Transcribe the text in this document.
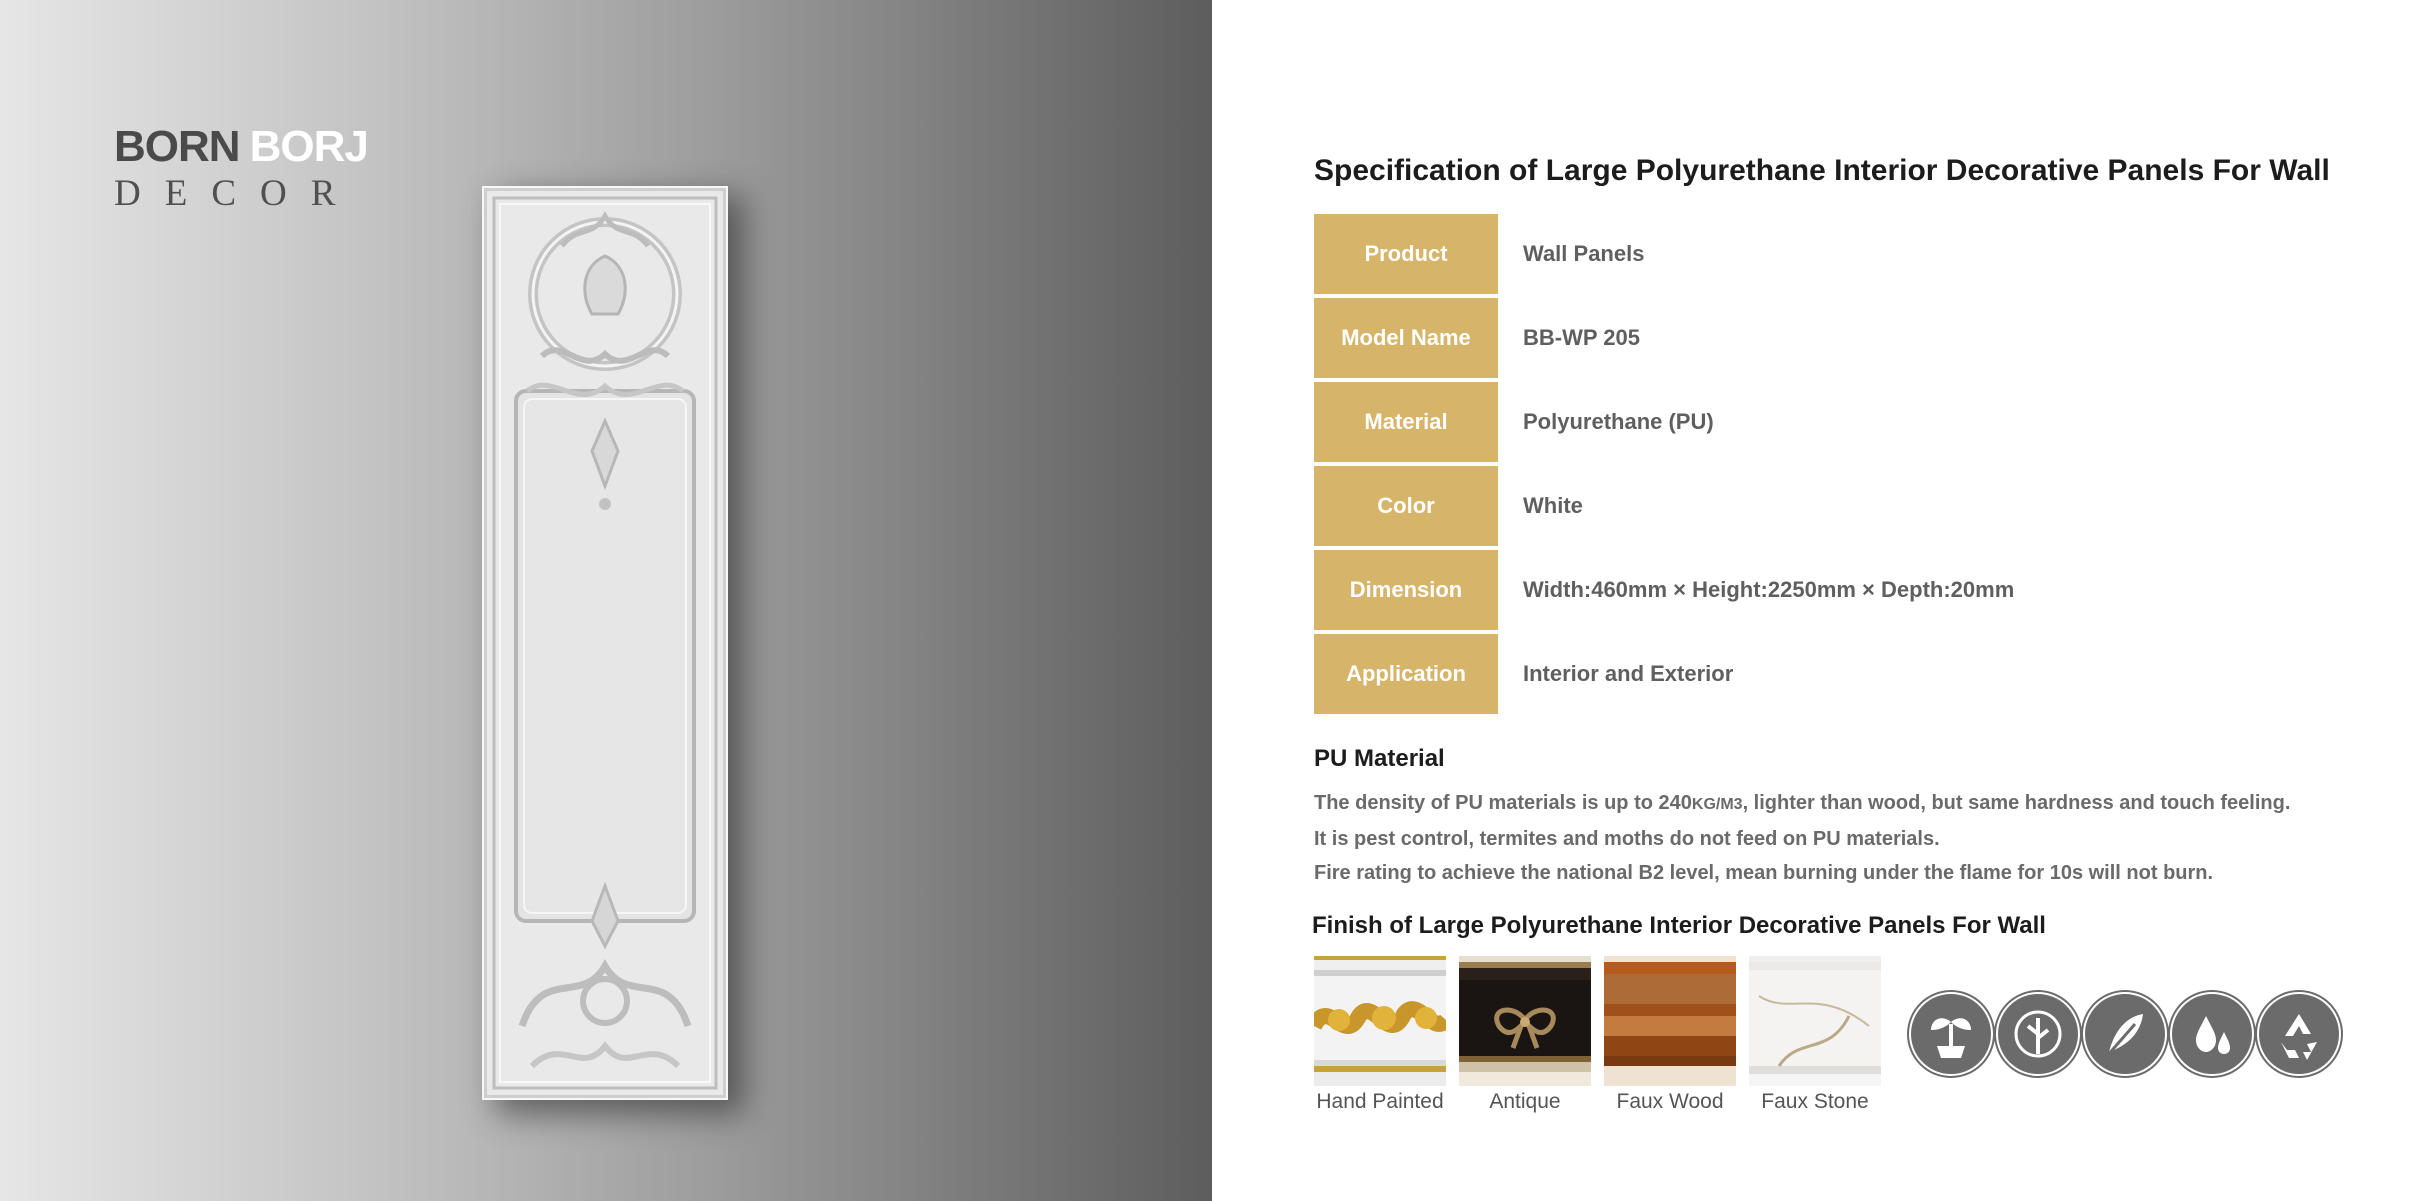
BORN BORJ
DECOR
Specification of Large Polyurethane Interior Decorative Panels For Wall
Product	Wall Panels
Model Name	BB-WP 205
Material	Polyurethane (PU)
Color	White
Dimension	Width:460mm × Height:2250mm × Depth:20mm
Application	Interior and Exterior
PU Material
The density of PU materials is up to 240KG/M3, lighter than wood, but same hardness and touch feeling.
It is pest control, termites and moths do not feed on PU materials.
Fire rating to achieve the national B2 level, mean burning under the flame for 10s will not burn.
Finish of Large Polyurethane Interior Decorative Panels For Wall
Hand Painted	Antique	Faux Wood	Faux Stone
